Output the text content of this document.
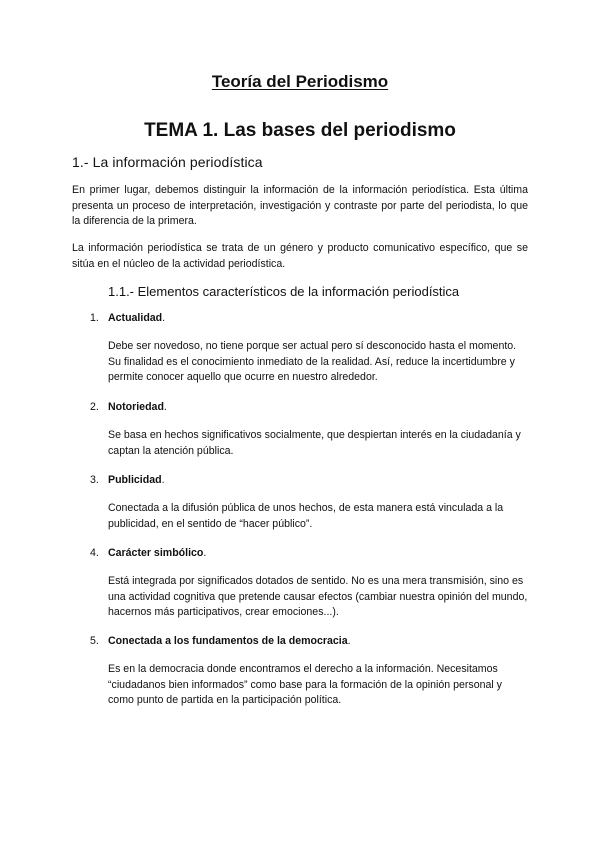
Teoría del Periodismo
TEMA 1. Las bases del periodismo
1.- La información periodística

En primer lugar, debemos distinguir la información de la información periodística. Esta última presenta un proceso de interpretación, investigación y contraste por parte del periodista, lo que la diferencia de la primera.

La información periodística se trata de un género y producto comunicativo específico, que se sitúa en el núcleo de la actividad periodística.

1.1.- Elementos característicos de la información periodística
1. Actualidad.

Debe ser novedoso, no tiene porque ser actual pero sí desconocido hasta el momento. Su finalidad es el conocimiento inmediato de la realidad. Así, reduce la incertidumbre y permite conocer aquello que ocurre en nuestro alrededor.

2. Notoriedad.

Se basa en hechos significativos socialmente, que despiertan interés en la ciudadanía y captan la atención pública.

3. Publicidad.

Conectada a la difusión pública de unos hechos, de esta manera está vinculada a la publicidad, en el sentido de “hacer público”.

4. Carácter simbólico.

Está integrada por significados dotados de sentido. No es una mera transmisión, sino es una actividad cognitiva que pretende causar efectos (cambiar nuestra opinión del mundo, hacernos más participativos, crear emociones...).

5. Conectada a los fundamentos de la democracia.

Es en la democracia donde encontramos el derecho a la información. Necesitamos “ciudadanos bien informados” como base para la formación de la opinión personal y como punto de partida en la participación política.
